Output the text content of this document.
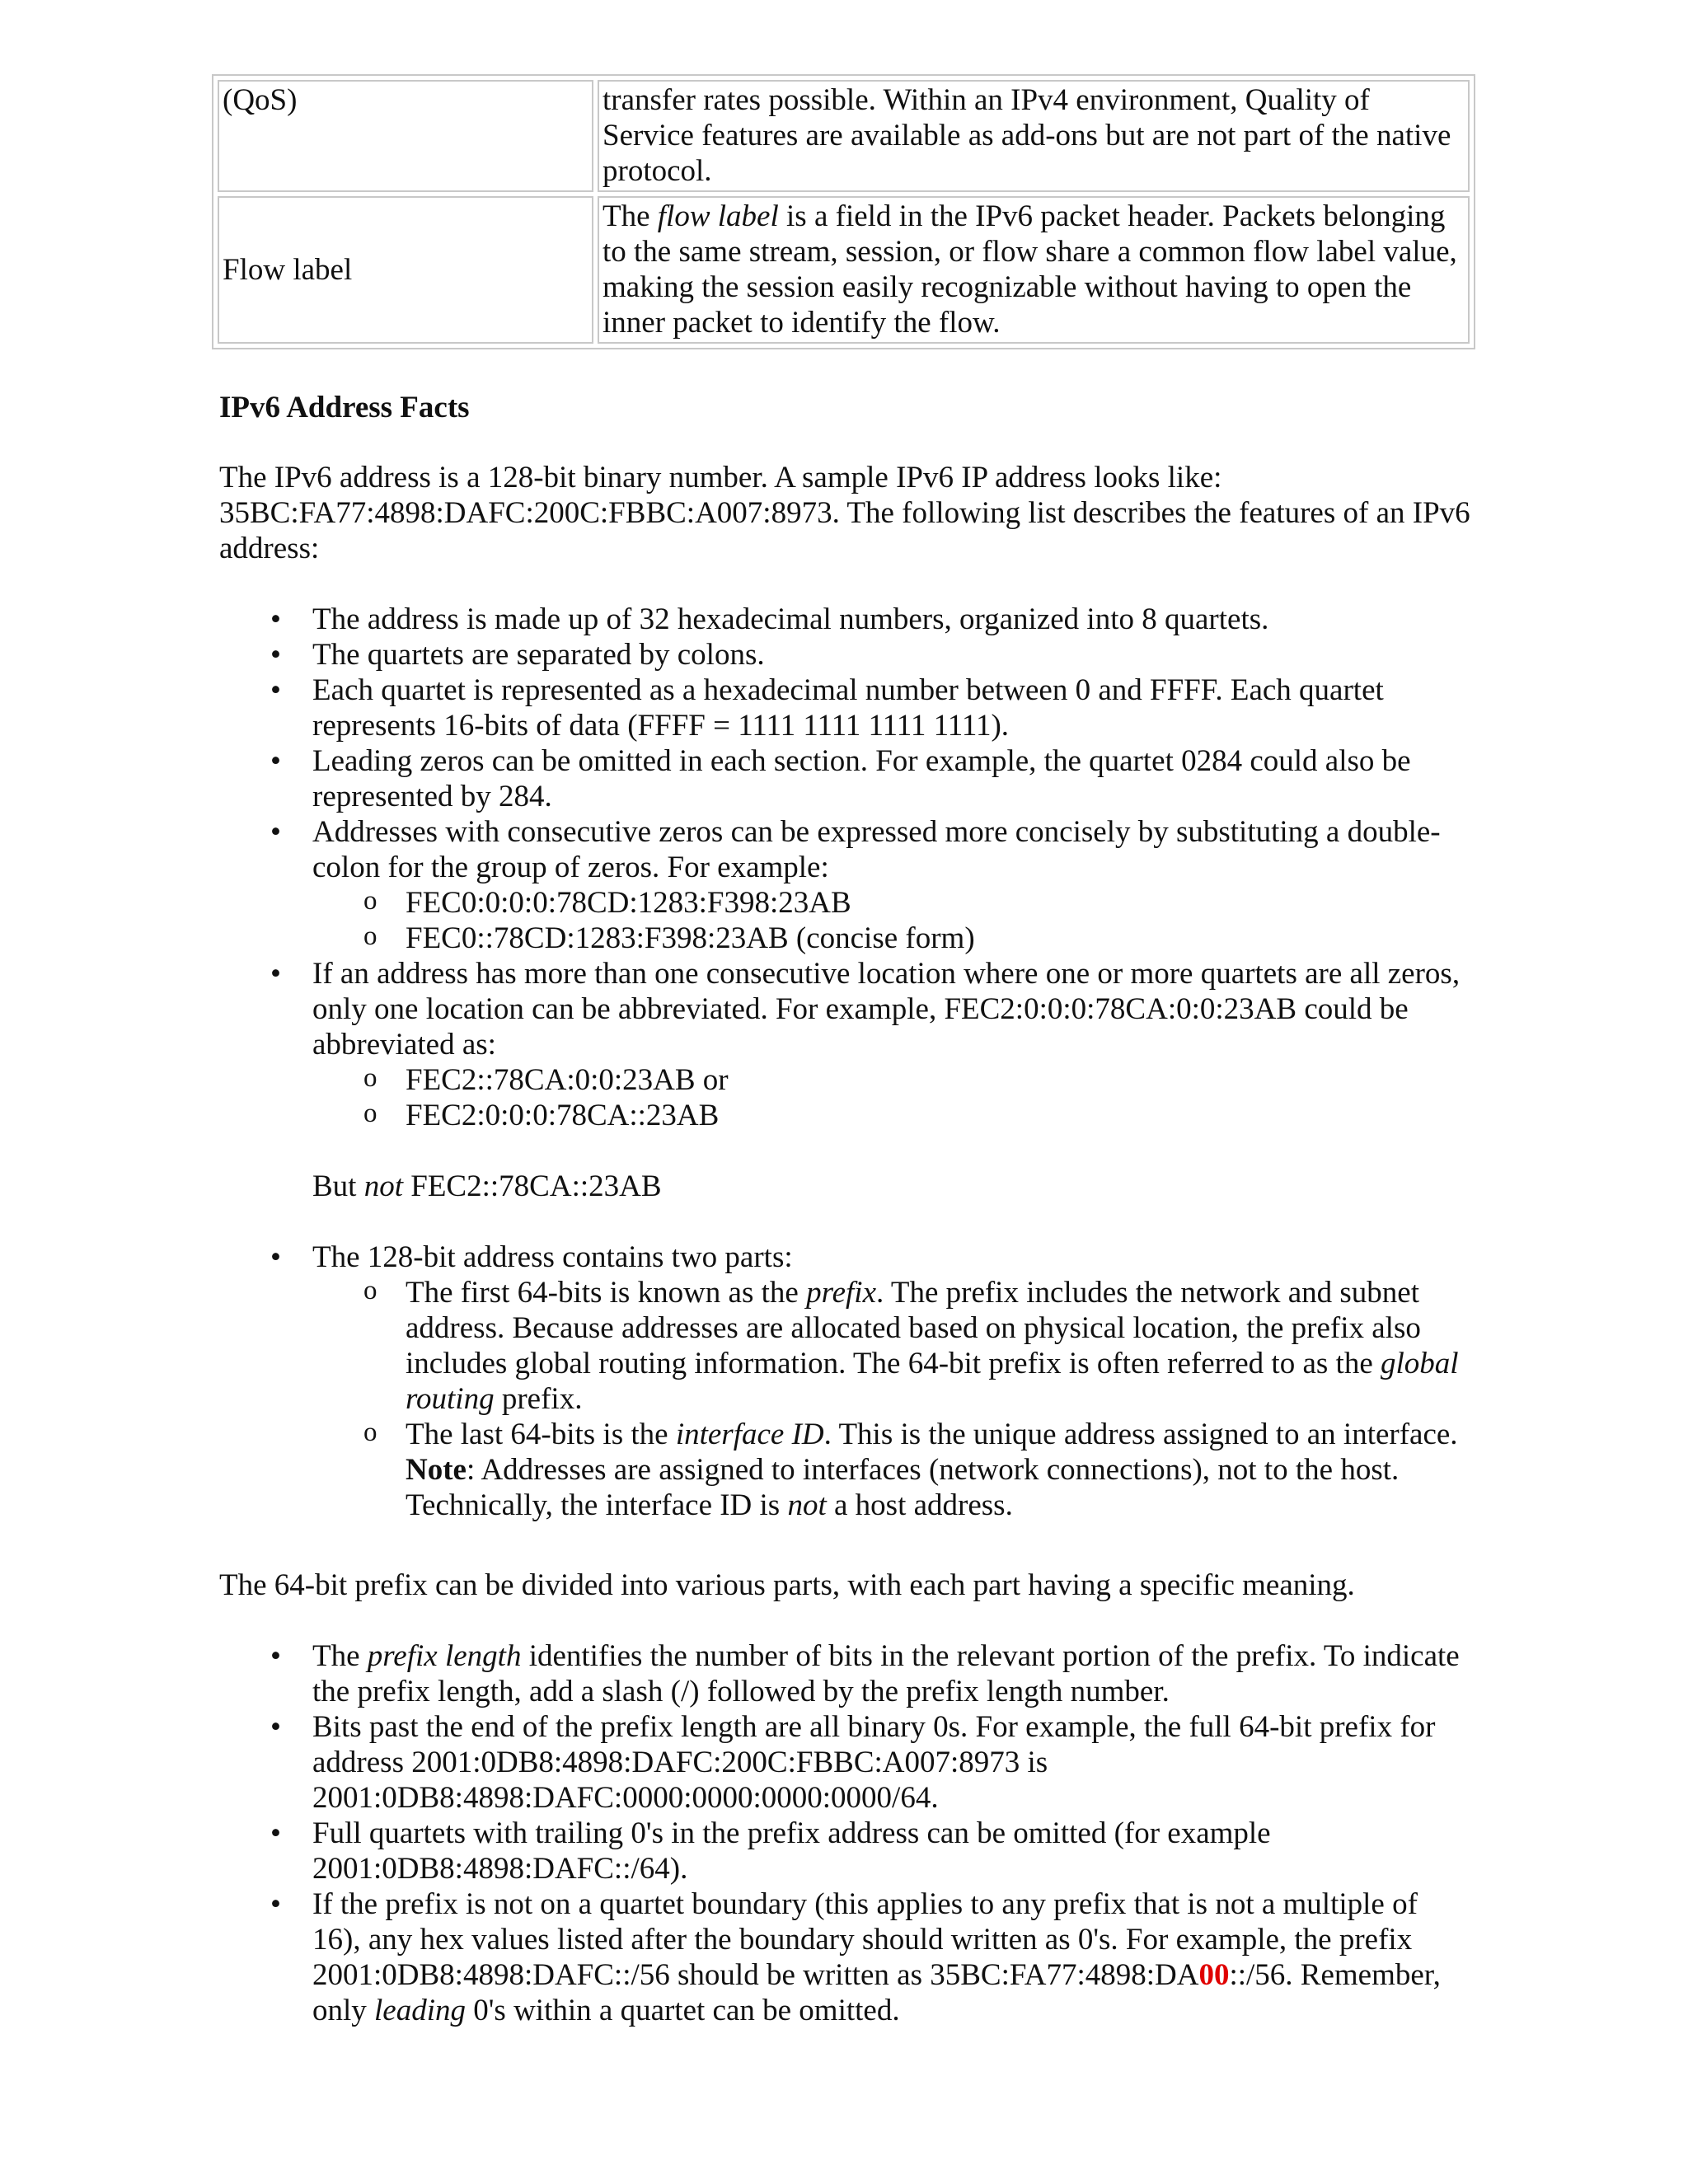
(QoS)	transfer rates possible. Within an IPv4 environment, Quality of Service features are available as add-ons but are not part of the native protocol.
Flow label	The flow label is a field in the IPv6 packet header. Packets belonging to the same stream, session, or flow share a common flow label value, making the session easily recognizable without having to open the inner packet to identify the flow.
IPv6 Address Facts

The IPv6 address is a 128-bit binary number. A sample IPv6 IP address looks like: 35BC:FA77:4898:DAFC:200C:FBBC:A007:8973. The following list describes the features of an IPv6 address:

• The address is made up of 32 hexadecimal numbers, organized into 8 quartets.
• The quartets are separated by colons.
• Each quartet is represented as a hexadecimal number between 0 and FFFF. Each quartet represents 16-bits of data (FFFF = 1111 1111 1111 1111).
• Leading zeros can be omitted in each section. For example, the quartet 0284 could also be represented by 284.
• Addresses with consecutive zeros can be expressed more concisely by substituting a double-colon for the group of zeros. For example:
o FEC0:0:0:0:78CD:1283:F398:23AB
o FEC0::78CD:1283:F398:23AB (concise form)
• If an address has more than one consecutive location where one or more quartets are all zeros, only one location can be abbreviated. For example, FEC2:0:0:0:78CA:0:0:23AB could be abbreviated as:
o FEC2::78CA:0:0:23AB or
o FEC2:0:0:0:78CA::23AB
But not FEC2::78CA::23AB
• The 128-bit address contains two parts:
o The first 64-bits is known as the prefix. The prefix includes the network and subnet address. Because addresses are allocated based on physical location, the prefix also includes global routing information. The 64-bit prefix is often referred to as the global routing prefix.
o The last 64-bits is the interface ID. This is the unique address assigned to an interface. Note: Addresses are assigned to interfaces (network connections), not to the host. Technically, the interface ID is not a host address.

The 64-bit prefix can be divided into various parts, with each part having a specific meaning.

• The prefix length identifies the number of bits in the relevant portion of the prefix. To indicate the prefix length, add a slash (/) followed by the prefix length number.
• Bits past the end of the prefix length are all binary 0s. For example, the full 64-bit prefix for address 2001:0DB8:4898:DAFC:200C:FBBC:A007:8973 is 2001:0DB8:4898:DAFC:0000:0000:0000:0000/64.
• Full quartets with trailing 0's in the prefix address can be omitted (for example 2001:0DB8:4898:DAFC::/64).
• If the prefix is not on a quartet boundary (this applies to any prefix that is not a multiple of 16), any hex values listed after the boundary should written as 0's. For example, the prefix 2001:0DB8:4898:DAFC::/56 should be written as 35BC:FA77:4898:DA00::/56. Remember, only leading 0's within a quartet can be omitted.
